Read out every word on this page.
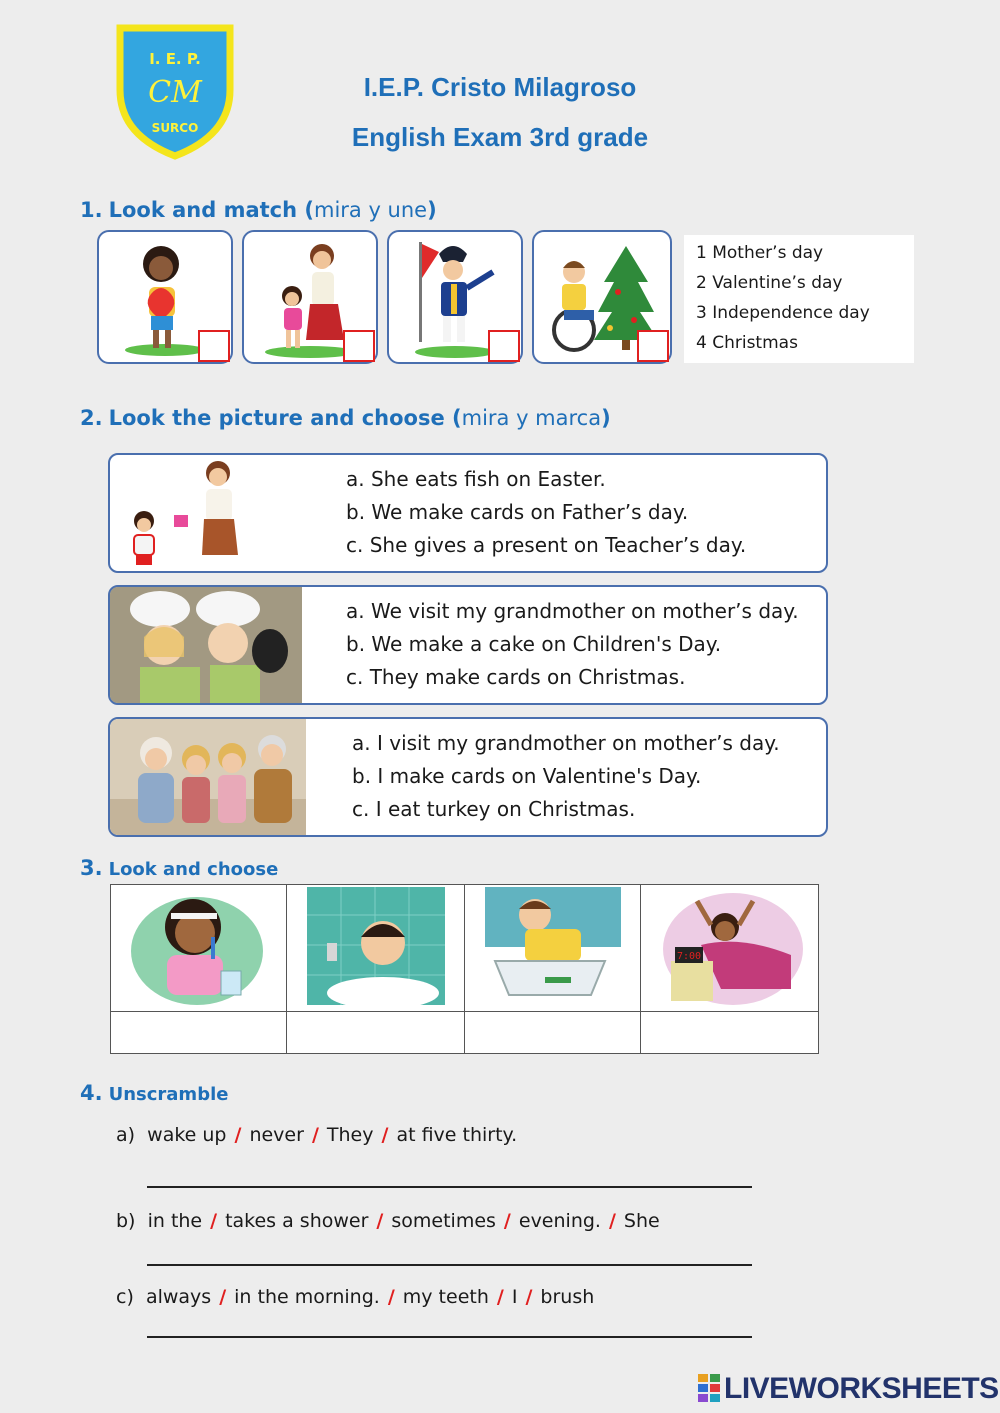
I. E. P.
CM
SURCO
I.E.P. Cristo Milagroso
English Exam 3rd grade
1. Look and match (mira y une)
1 Mother’s day
2 Valentine’s day
3 Independence day
4 Christmas
2. Look the picture and choose (mira y marca)
a. She eats fish on Easter.
b. We make cards on Father’s day.
c. She gives a present on Teacher’s day.
a. We visit my grandmother on mother’s day.
b. We make a cake on Children's Day.
c. They make cards on Christmas.
a. I visit my grandmother on mother’s day.
b. I make cards on Valentine's Day.
c. I eat turkey on Christmas.
3. Look and choose

7:00

4. Unscramble
a) wake up / never / They / at five thirty.
b) in the / takes a shower / sometimes / evening. / She
c) always / in the morning. / my teeth / I / brush
LIVEWORKSHEETS
